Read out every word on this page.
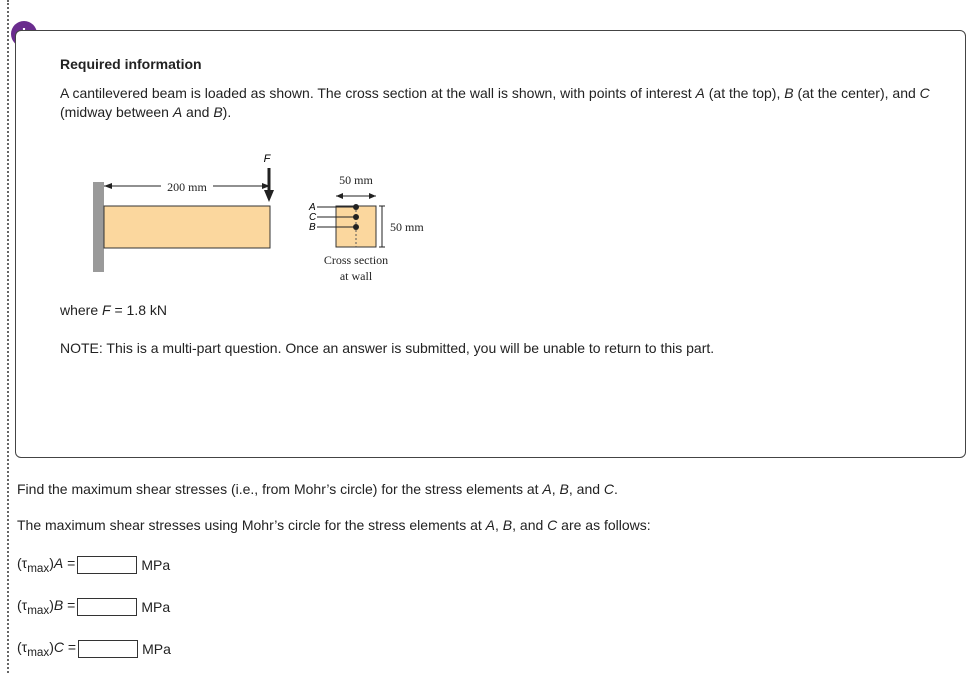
Required information
A cantilevered beam is loaded as shown. The cross section at the wall is shown, with points of interest A (at the top), B (at the center), and C (midway between A and B).
200 mm
F
50 mm
50 mm
A
C
B
Cross section
at wall
where F = 1.8 kN
NOTE: This is a multi-part question. Once an answer is submitted, you will be unable to return to this part.
Find the maximum shear stresses (i.e., from Mohr’s circle) for the stress elements at A, B, and C.
The maximum shear stresses using Mohr’s circle for the stress elements at A, B, and C are as follows:
$(\tau_{max})A$ =	MPa
$(\tau_{max})B$ =	MPa
$(\tau_{max})C$ =	MPa
